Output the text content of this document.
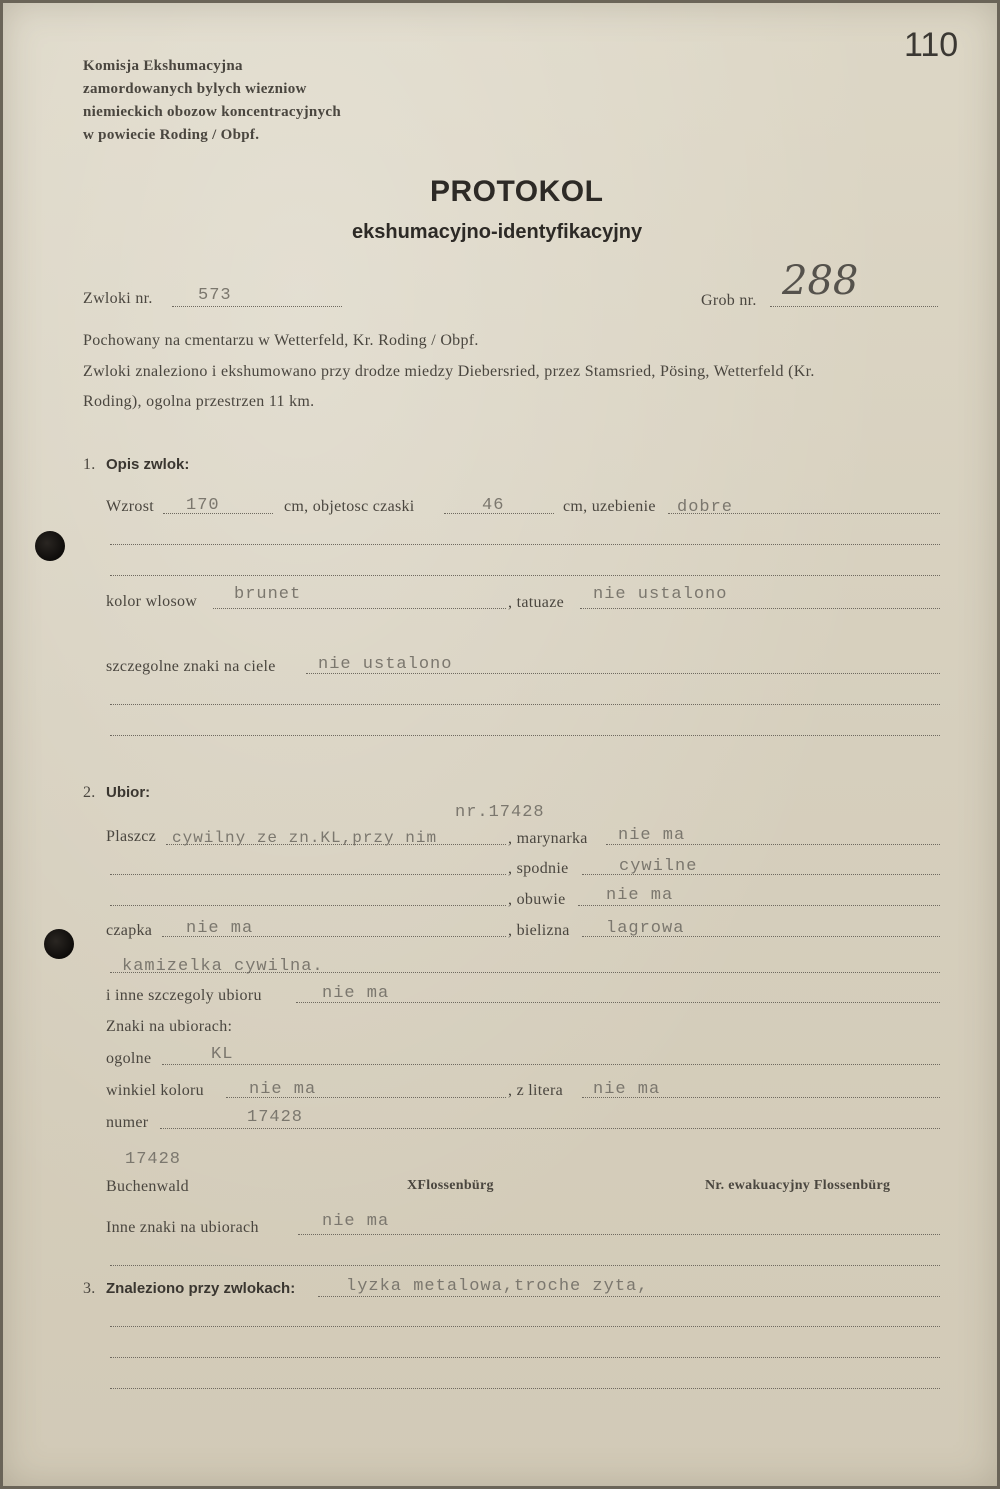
110
Komisja Ekshumacyjna
zamordowanych bylych wiezniow
niemieckich obozow koncentracyjnych
w powiecie Roding / Obpf.
PROTOKOL
ekshumacyjno-identyfikacyjny
Zwloki nr.	573	Grob nr. 288
Pochowany na cmentarzu w Wetterfeld, Kr. Roding / Obpf.
Zwloki znaleziono i ekshumowano przy drodze miedzy Diebersried, przez Stamsried, Pösing, Wetterfeld (Kr.
Roding), ogolna przestrzen 11 km.
1. Opis zwlok:
Wzrost 170	cm, objetosc czaski	46	cm, uzebienie dobre
kolor wlosow brunet	, tatuaze nie ustalono
szczegolne znaki na ciele nie ustalono
2. Ubior:
nr.17428
Plaszcz cywilny ze zn.KL,przy nim	, marynarka nie ma
, spodnie	cywilne
, obuwie nie ma
czapka nie ma	, bielizna lagrowa
kamizelka cywilna.
i inne szczegoly ubioru	nie ma
Znaki na ubiorach:
ogolne	KL
winkiel koloru	nie ma	, z litera nie ma
numer	17428
17428
Buchenwald	XFlossenbürg	Nr. ewakuacyjny Flossenbürg
Inne znaki na ubiorach	nie ma
3. Znaleziono przy zwlokach:	lyzka metalowa,troche zyta,
